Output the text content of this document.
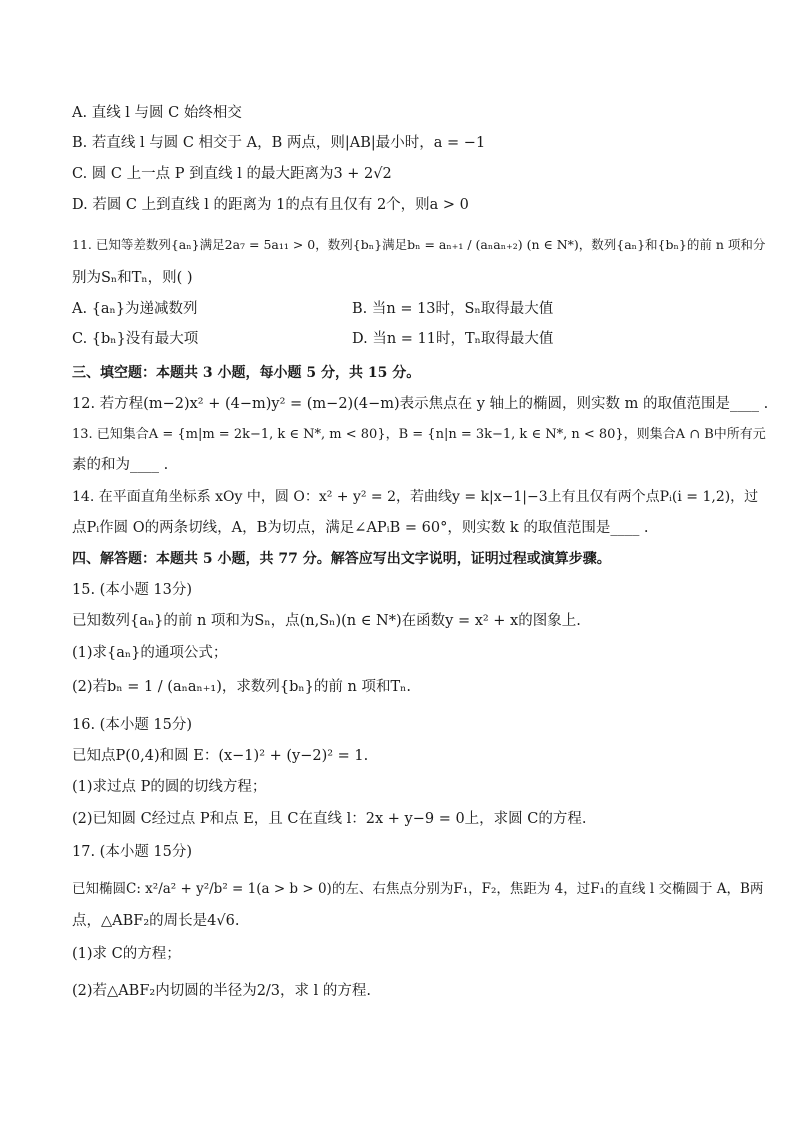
A. 直线 l 与圆 C 始终相交
B. 若直线 l 与圆 C 相交于 A，B 两点，则|AB|最小时，a = −1
C. 圆 C 上一点 P 到直线 l 的最大距离为3 + 2√2
D. 若圆 C 上到直线 l 的距离为 1的点有且仅有 2个，则a > 0
11. 已知等差数列{aₙ}满足2a₇ = 5a₁₁ > 0，数列{bₙ}满足bₙ = aₙ₊₁ / (aₙaₙ₊₂) (n ∈ N*)，数列{aₙ}和{bₙ}的前 n 项和分
别为Sₙ和Tₙ，则( )
A. {aₙ}为递减数列	B. 当n = 13时，Sₙ取得最大值
C. {bₙ}没有最大项	D. 当n = 11时，Tₙ取得最大值
三、填空题：本题共 3 小题，每小题 5 分，共 15 分。
12. 若方程(m−2)x² + (4−m)y² = (m−2)(4−m)表示焦点在 y 轴上的椭圆，则实数 m 的取值范围是____ .
13. 已知集合A = {m|m = 2k−1, k ∈ N*, m < 80}，B = {n|n = 3k−1, k ∈ N*, n < 80}，则集合A ∩ B中所有元
素的和为____ .
14. 在平面直角坐标系 xOy 中，圆 O：x² + y² = 2，若曲线y = k|x−1|−3上有且仅有两个点Pᵢ(i = 1,2)，过
点Pᵢ作圆 O的两条切线，A，B为切点，满足∠APᵢB = 60°，则实数 k 的取值范围是____ .
四、解答题：本题共 5 小题，共 77 分。解答应写出文字说明，证明过程或演算步骤。
15. (本小题 13分)
已知数列{aₙ}的前 n 项和为Sₙ，点(n,Sₙ)(n ∈ N*)在函数y = x² + x的图象上.
(1)求{aₙ}的通项公式；
(2)若bₙ = 1 / (aₙaₙ₊₁)，求数列{bₙ}的前 n 项和Tₙ.
16. (本小题 15分)
已知点P(0,4)和圆 E：(x−1)² + (y−2)² = 1.
(1)求过点 P的圆的切线方程；
(2)已知圆 C经过点 P和点 E，且 C在直线 l：2x + y−9 = 0上，求圆 C的方程.
17. (本小题 15分)
已知椭圆C: x²/a² + y²/b² = 1(a > b > 0)的左、右焦点分别为F₁，F₂，焦距为 4，过F₁的直线 l 交椭圆于 A，B两
点，△ABF₂的周长是4√6.
(1)求 C的方程；
(2)若△ABF₂内切圆的半径为2/3，求 l 的方程.
